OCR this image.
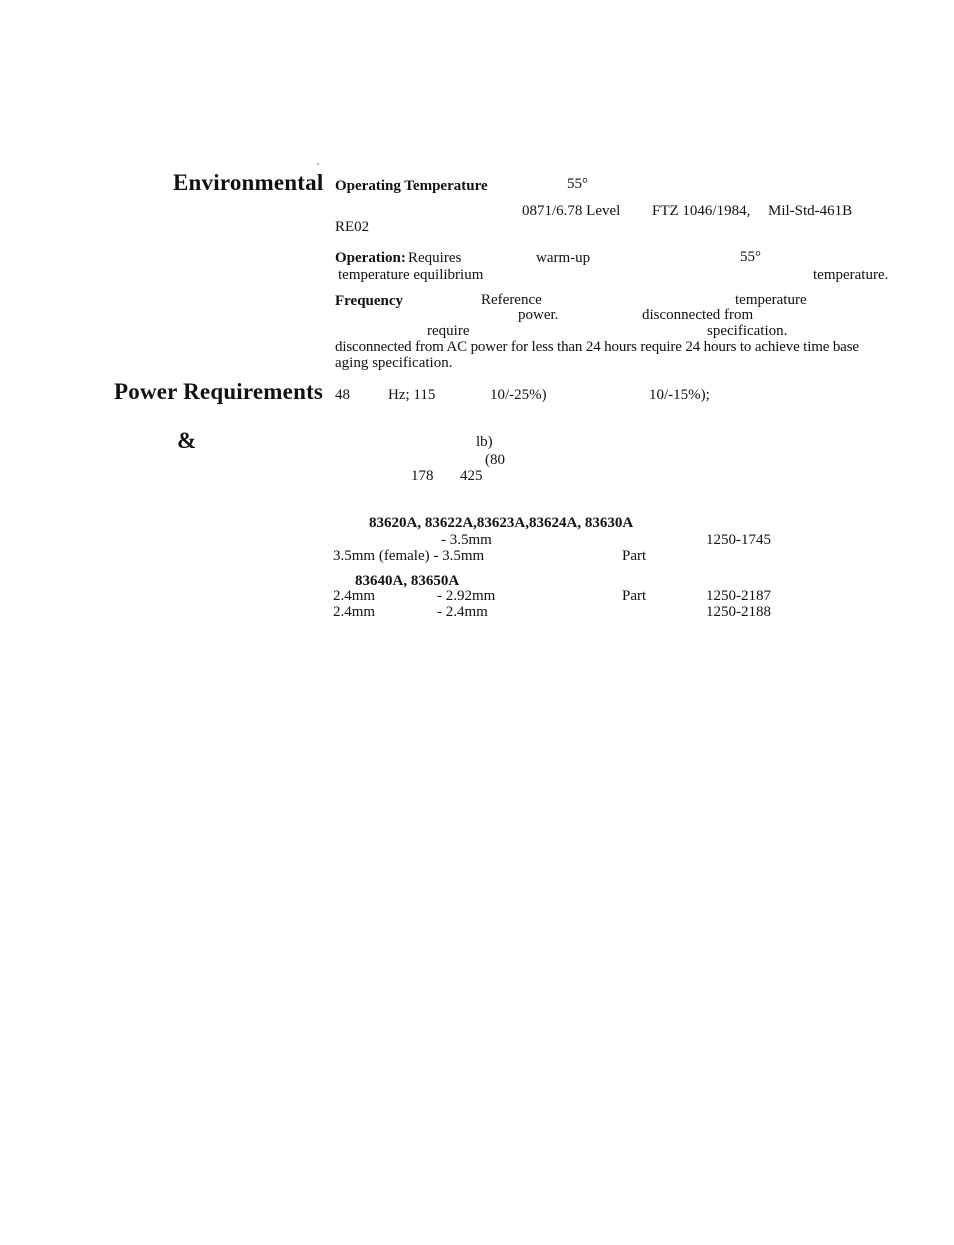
Environmental
˙
Operating Temperature	55°
0871/6.78 Level FTZ 1046/1984, Mil-Std-461B
RE02
Operation: Requires	warm-up	55°
temperature equilibrium	temperature.
Frequency	Reference	temperature
power.	disconnected from
require	specification.
disconnected from AC power for less than 24 hours require 24 hours to achieve time base
aging specification.
Power Requirements 48	Hz; 115	10/-25%)	10/-15%);
&	lb)
(80
178 425
83620A, 83622A,83623A,83624A, 83630A
- 3.5mm	1250-1745
3.5mm (female) - 3.5mm	Part
83640A, 83650A
2.4mm	- 2.92mm	Part	1250-2187
2.4mm	- 2.4mm	1250-2188
